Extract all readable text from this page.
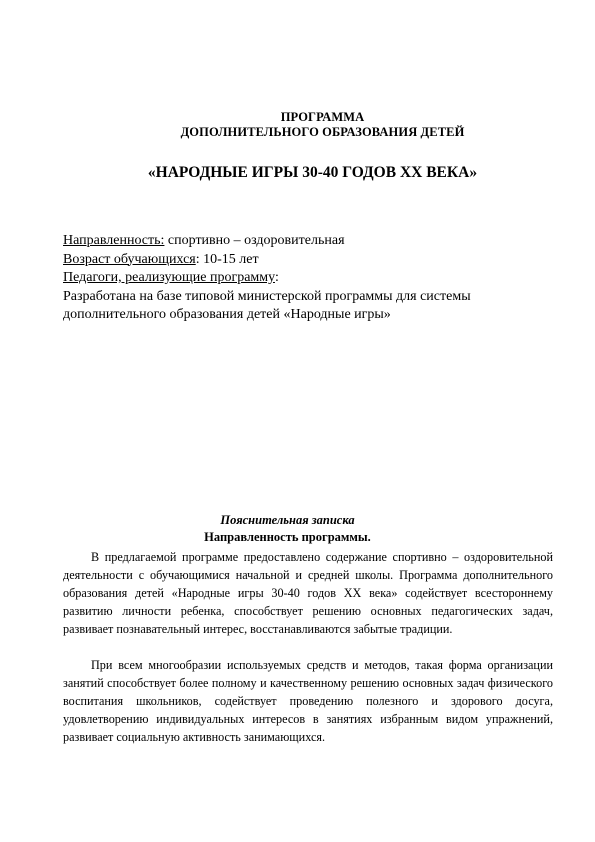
ПРОГРАММА
ДОПОЛНИТЕЛЬНОГО ОБРАЗОВАНИЯ ДЕТЕЙ
«НАРОДНЫЕ ИГРЫ 30-40 ГОДОВ XX ВЕКА»
Направленность: спортивно – оздоровительная
Возраст обучающихся: 10-15 лет
Педагоги, реализующие программу:
Разработана на базе типовой министерской программы для системы
дополнительного образования детей «Народные игры»
Пояснительная записка
Направленность программы.
В предлагаемой программе предоставлено содержание спортивно – оздоровительной деятельности с обучающимися начальной и средней школы. Программа дополнительного образования детей «Народные игры 30-40 годов XX века» содействует всестороннему развитию личности ребенка, способствует решению основных педагогических задач, развивает познавательный интерес, восстанавливаются забытые традиции.
При всем многообразии используемых средств и методов, такая форма организации занятий способствует более полному и качественному решению основных задач физического воспитания школьников, содействует проведению полезного и здорового досуга, удовлетворению индивидуальных интересов в занятиях избранным видом упражнений, развивает социальную активность занимающихся.
